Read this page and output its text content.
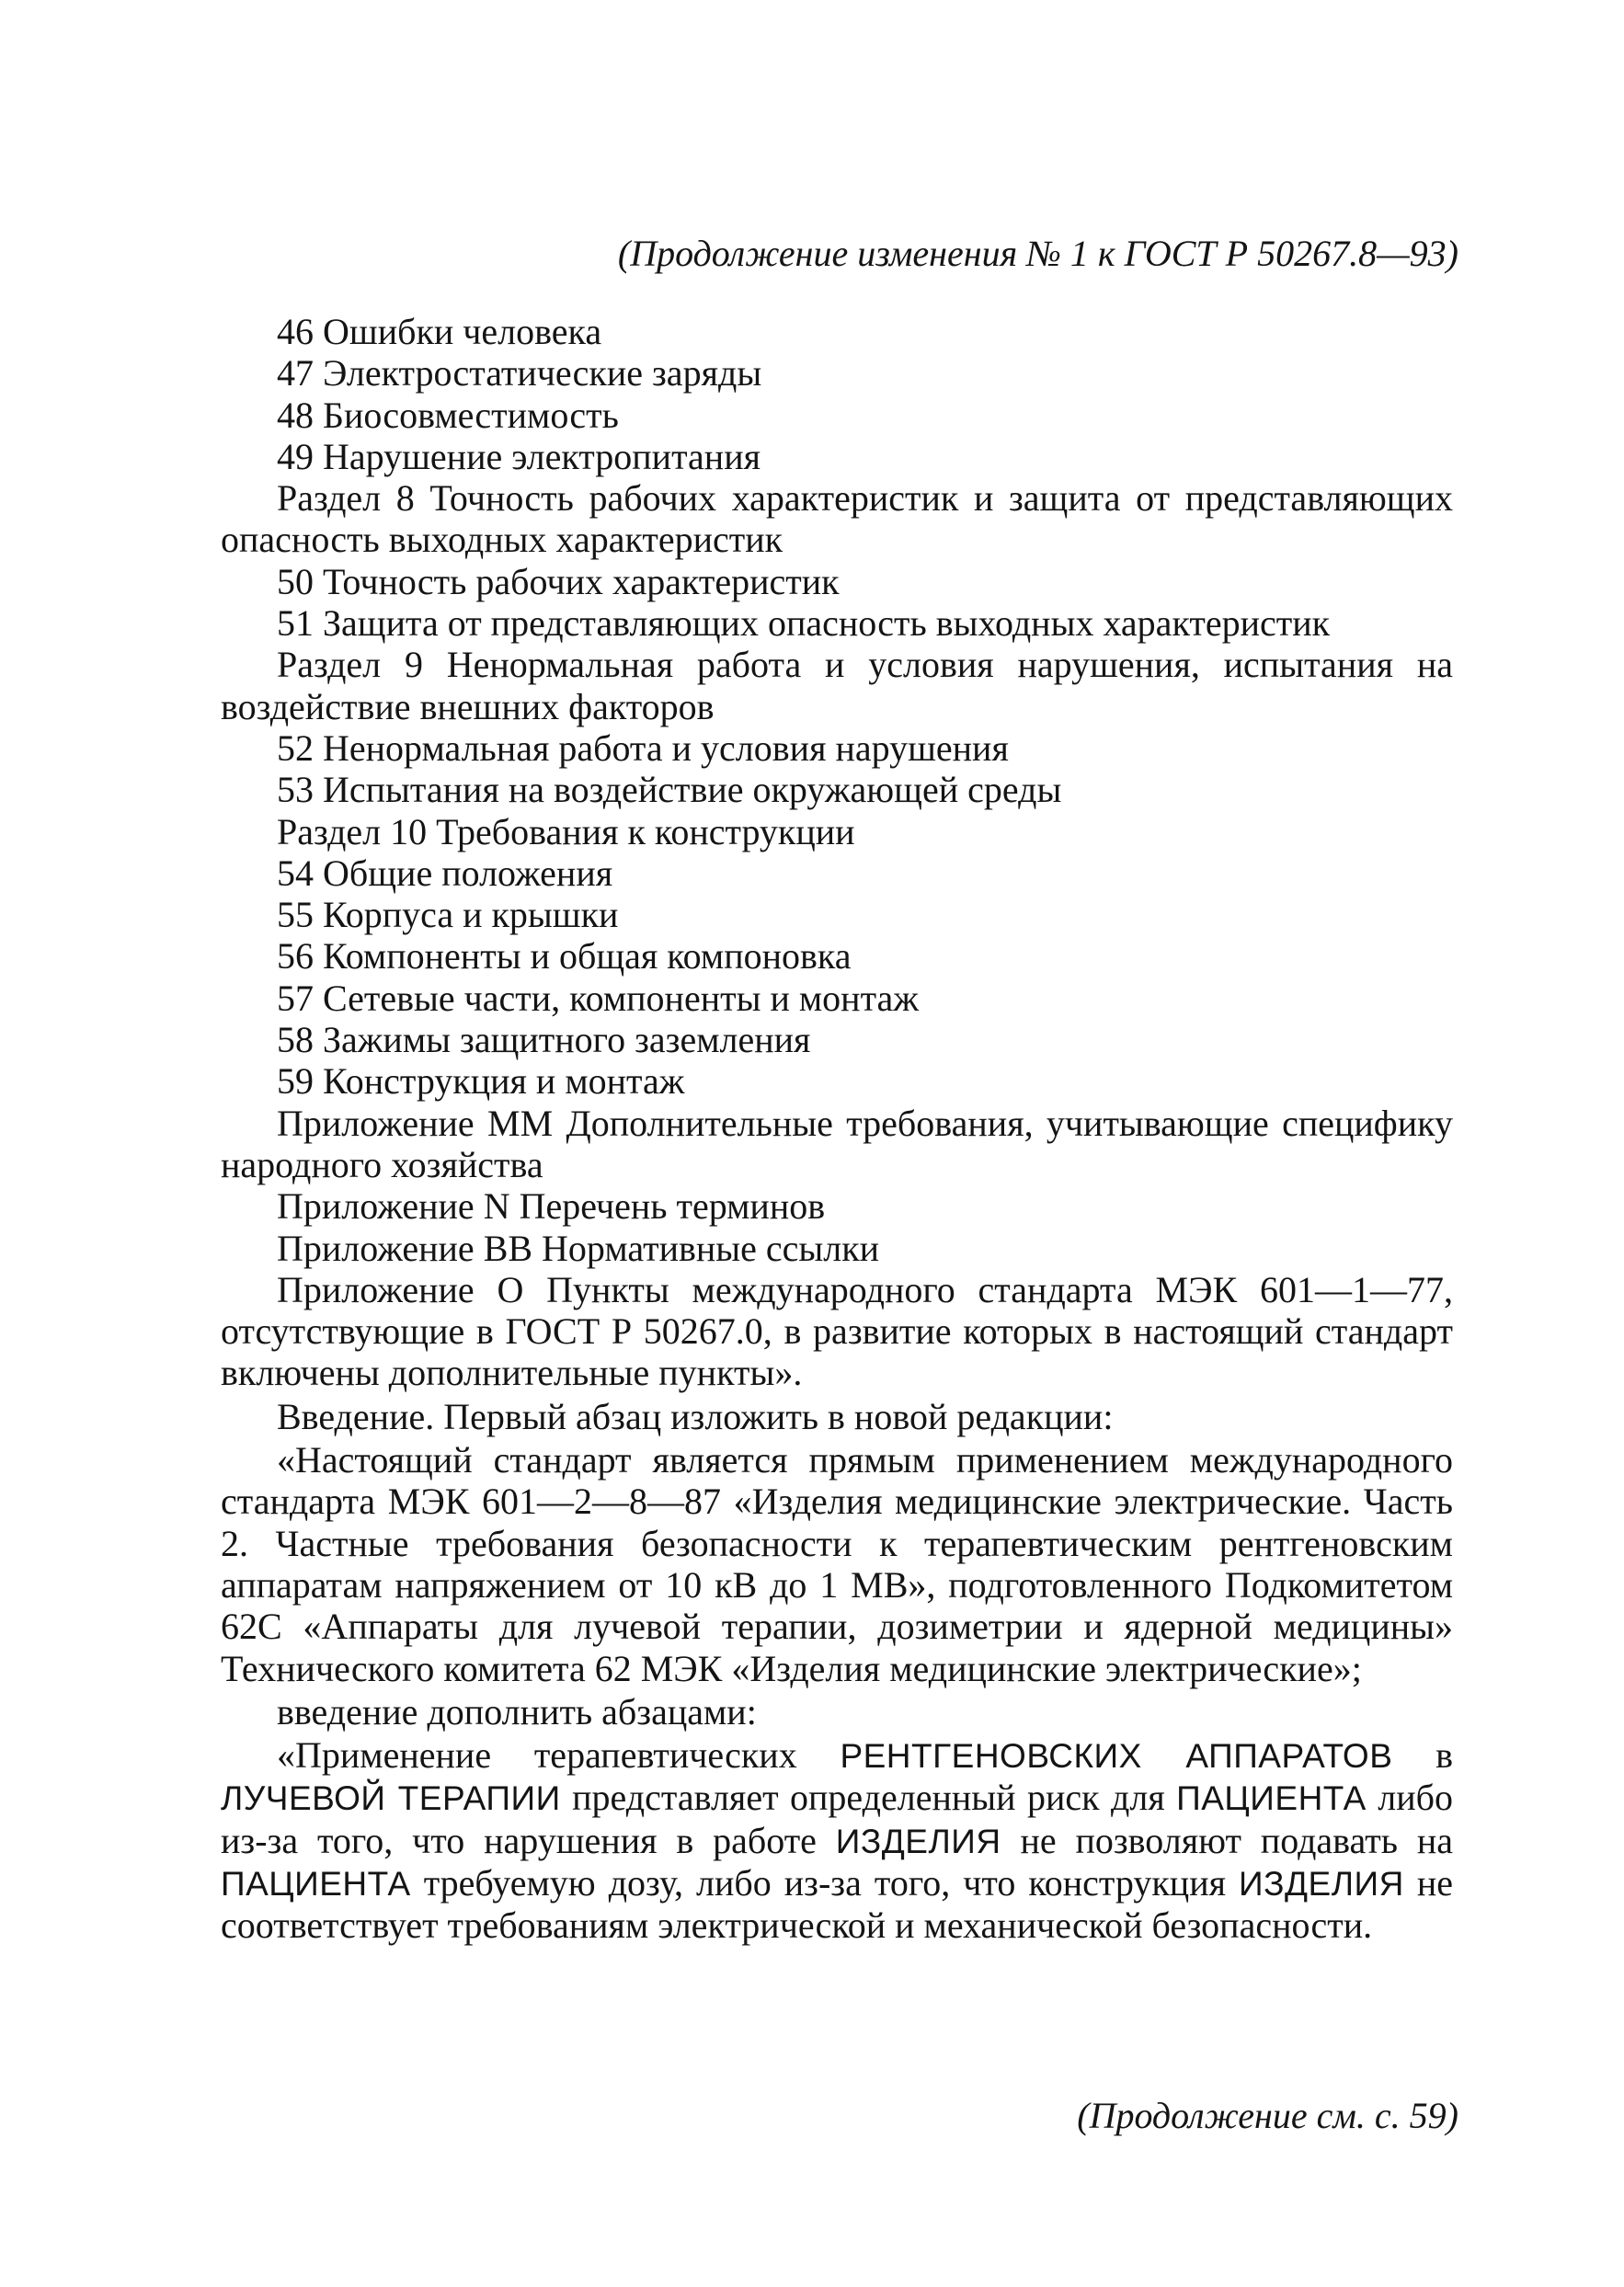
(Продолжение изменения № 1 к ГОСТ Р 50267.8—93)

46 Ошибки человека

47 Электростатические заряды

48 Биосовместимость

49 Нарушение электропитания

Раздел 8 Точность рабочих характеристик и защита от представляющих опасность выходных характеристик

50 Точность рабочих характеристик

51 Защита от представляющих опасность выходных характеристик

Раздел 9 Ненормальная работа и условия нарушения, испытания на воздействие внешних факторов

52 Ненормальная работа и условия нарушения

53 Испытания на воздействие окружающей среды

Раздел 10 Требования к конструкции

54 Общие положения

55 Корпуса и крышки

56 Компоненты и общая компоновка

57 Сетевые части, компоненты и монтаж

58 Зажимы защитного заземления

59 Конструкция и монтаж

Приложение ММ Дополнительные требования, учитывающие специфику народного хозяйства

Приложение N Перечень терминов

Приложение ВВ Нормативные ссылки

Приложение О Пункты международного стандарта МЭК 601—1—77, отсутствующие в ГОСТ Р 50267.0, в развитие которых в настоящий стандарт включены дополнительные пункты».

Введение. Первый абзац изложить в новой редакции:

«Настоящий стандарт является прямым применением международного стандарта МЭК 601—2—8—87 «Изделия медицинские электрические. Часть 2. Частные требования безопасности к терапевтическим рентгеновским аппаратам напряжением от 10 кВ до 1 МВ», подготовленного Подкомитетом 62С «Аппараты для лучевой терапии, дозиметрии и ядерной медицины» Технического комитета 62 МЭК «Изделия медицинские электрические»;

введение дополнить абзацами:

«Применение терапевтических РЕНТГЕНОВСКИХ АППАРАТОВ в ЛУЧЕВОЙ ТЕРАПИИ представляет определенный риск для ПАЦИЕНТА либо из-за того, что нарушения в работе ИЗДЕЛИЯ не позволяют подавать на ПАЦИЕНТА требуемую дозу, либо из-за того, что конструкция ИЗДЕЛИЯ не соответствует требованиям электрической и механической безопасности.

(Продолжение см. с. 59)
